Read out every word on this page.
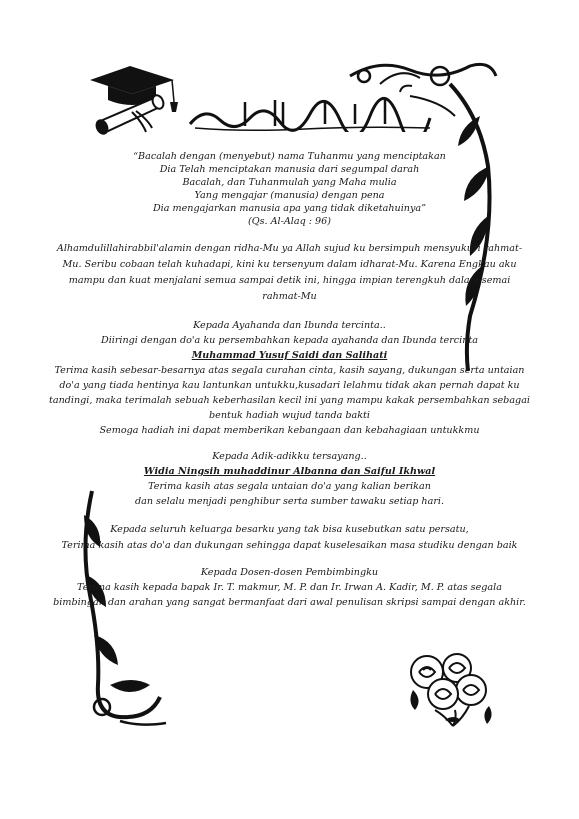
“Bacalah dengan (menyebut) nama Tuhanmu yang menciptakan
Dia Telah menciptakan manusia dari segumpal darah
Bacalah, dan Tuhanmulah yang Maha mulia
Yang mengajar (manusia) dengan pena
Dia mengajarkan manusia apa yang tidak diketahuinya”
(Qs. Al-Alaq : 96)
Alhamdulillahirabbil'alamin dengan ridha-Mu ya Allah sujud ku bersimpuh mensyukuri rahmat-
Mu. Seribu cobaan telah kuhadapi, kini ku tersenyum dalam idharat-Mu. Karena Engkau aku
mampu dan kuat menjalani semua sampai detik ini, hingga impian terengkuh dalam semai
rahmat-Mu
Kepada Ayahanda dan Ibunda tercinta..
Diiringi dengan do'a ku persembahkan kepada ayahanda dan Ibunda tercinta
Muhammad Yusuf Saidi dan Salihati
Terima kasih sebesar-besarnya atas segala curahan cinta, kasih sayang, dukungan serta untaian
do'a yang tiada hentinya kau lantunkan untukku,kusadari lelahmu tidak akan pernah dapat ku
tandingi, maka terimalah sebuah keberhasilan kecil ini yang mampu kakak persembahkan sebagai
bentuk hadiah wujud tanda bakti
Semoga hadiah ini dapat memberikan kebangaan dan kebahagiaan untukkmu
Kepada Adik-adikku tersayang..
Widia Ningsih muhaddinur Albanna dan Saiful Ikhwal
Terima kasih atas segala untaian do'a yang kalian berikan
dan selalu menjadi penghibur serta sumber tawaku setiap hari.
Kepada seluruh keluarga besarku yang tak bisa kusebutkan satu persatu,
Terima kasih atas do'a dan dukungan sehingga dapat kuselesaikan masa studiku dengan baik
Kepada Dosen-dosen Pembimbingku
Terima kasih kepada bapak Ir. T. makmur, M. P. dan Ir. Irwan A. Kadir, M. P. atas segala
bimbingan dan arahan yang sangat bermanfaat dari awal penulisan skripsi sampai dengan akhir.
